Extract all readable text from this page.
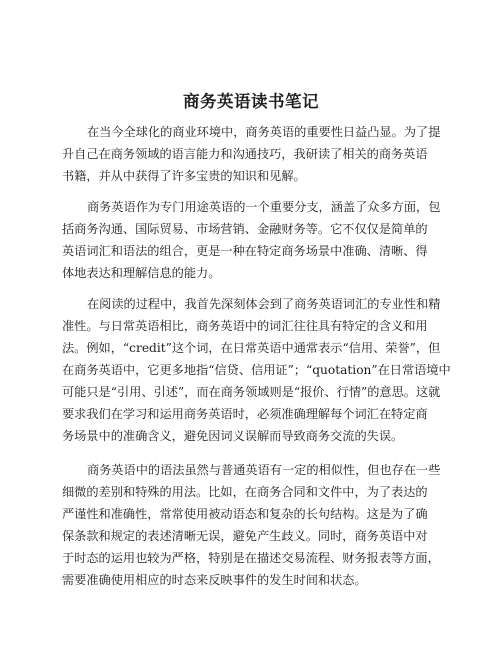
商务英语读书笔记

在当今全球化的商业环境中，商务英语的重要性日益凸显。为了提

升自己在商务领域的语言能力和沟通技巧，我研读了相关的商务英语

书籍，并从中获得了许多宝贵的知识和见解。

商务英语作为专门用途英语的一个重要分支，涵盖了众多方面，包

括商务沟通、国际贸易、市场营销、金融财务等。它不仅仅是简单的

英语词汇和语法的组合，更是一种在特定商务场景中准确、清晰、得

体地表达和理解信息的能力。

在阅读的过程中，我首先深刻体会到了商务英语词汇的专业性和精

准性。与日常英语相比，商务英语中的词汇往往具有特定的含义和用

法。例如，“credit”这个词，在日常英语中通常表示“信用、荣誉”，但

在商务英语中，它更多地指“信贷、信用证”；“quotation”在日常语境中

可能只是“引用、引述”，而在商务领域则是“报价、行情”的意思。这就

要求我们在学习和运用商务英语时，必须准确理解每个词汇在特定商

务场景中的准确含义，避免因词义误解而导致商务交流的失误。

商务英语中的语法虽然与普通英语有一定的相似性，但也存在一些

细微的差别和特殊的用法。比如，在商务合同和文件中，为了表达的

严谨性和准确性，常常使用被动语态和复杂的长句结构。这是为了确

保条款和规定的表述清晰无误，避免产生歧义。同时，商务英语中对

于时态的运用也较为严格，特别是在描述交易流程、财务报表等方面，

需要准确使用相应的时态来反映事件的发生时间和状态。
